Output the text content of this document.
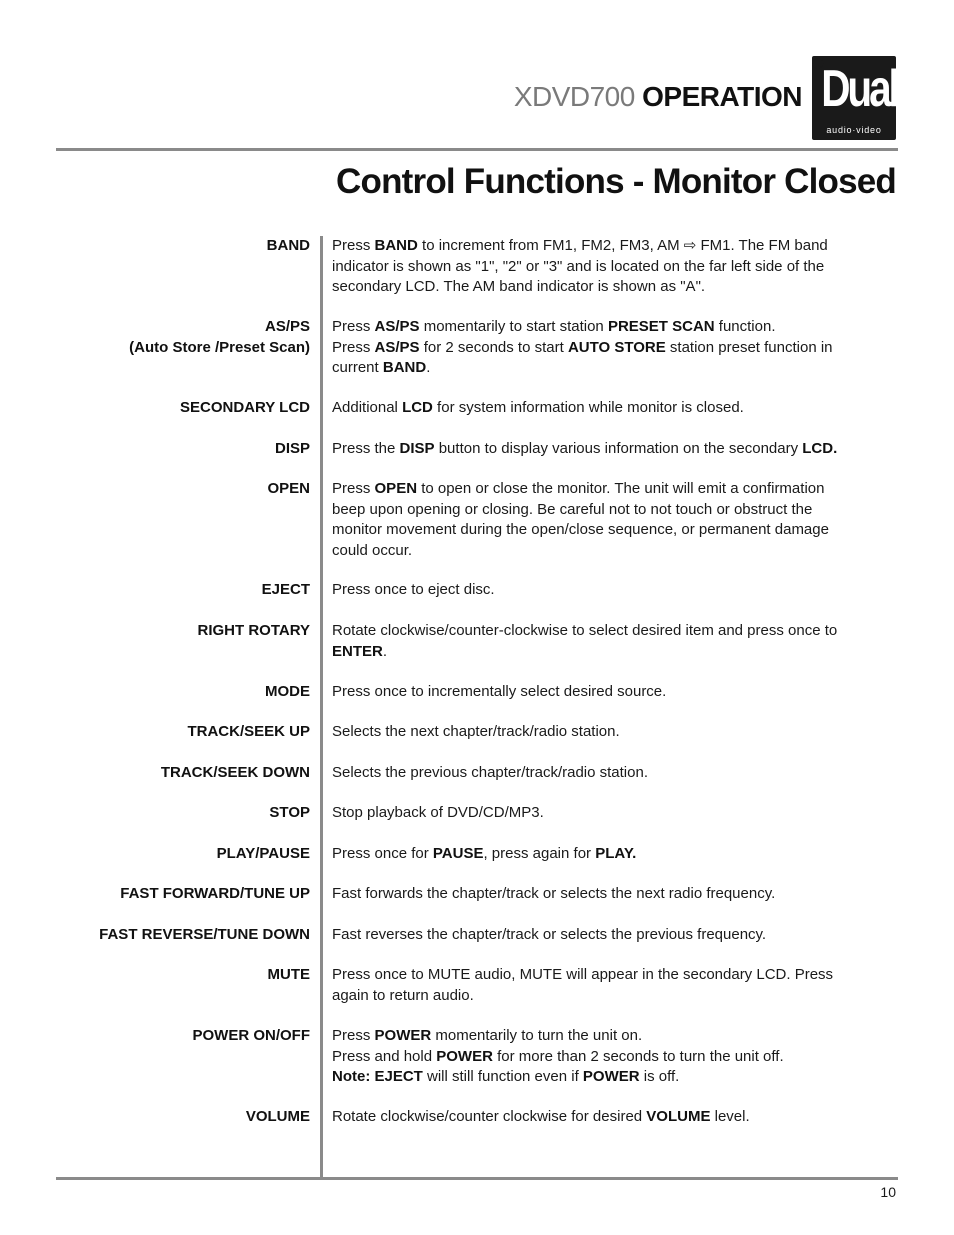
XDVD700 OPERATION Dual
audio·video
®
Control Functions - Monitor Closed
BAND Press BAND to increment from FM1, FM2, FM3, AM ⇨ FM1. The FM band
indicator is shown as "1", "2" or "3" and is located on the far left side of the
secondary LCD. The AM band indicator is shown as "A".
AS/PS
(Auto Store /Preset Scan)
Press AS/PS momentarily to start station PRESET SCAN function.
Press AS/PS for 2 seconds to start AUTO STORE station preset function in
current BAND.
SECONDARY LCD Additional LCD for system information while monitor is closed.
DISP Press the DISP button to display various information on the secondary LCD.
OPEN Press OPEN to open or close the monitor. The unit will emit a confirmation
beep upon opening or closing. Be careful not to not touch or obstruct the
monitor movement during the open/close sequence, or permanent damage
could occur.
EJECT Press once to eject disc.
RIGHT ROTARY Rotate clockwise/counter-clockwise to select desired item and press once to
ENTER.
MODE Press once to incrementally select desired source.
TRACK/SEEK UP Selects the next chapter/track/radio station.
TRACK/SEEK DOWN Selects the previous chapter/track/radio station.
STOP Stop playback of DVD/CD/MP3.
PLAY/PAUSE Press once for PAUSE, press again for PLAY.
FAST FORWARD/TUNE UP Fast forwards the chapter/track or selects the next radio frequency.
FAST REVERSE/TUNE DOWN Fast reverses the chapter/track or selects the previous frequency.
MUTE Press once to MUTE audio, MUTE will appear in the secondary LCD. Press
again to return audio.
POWER ON/OFF Press POWER momentarily to turn the unit on.
Press and hold POWER for more than 2 seconds to turn the unit off.
Note: EJECT will still function even if POWER is off.
VOLUME Rotate clockwise/counter clockwise for desired VOLUME level.
10
